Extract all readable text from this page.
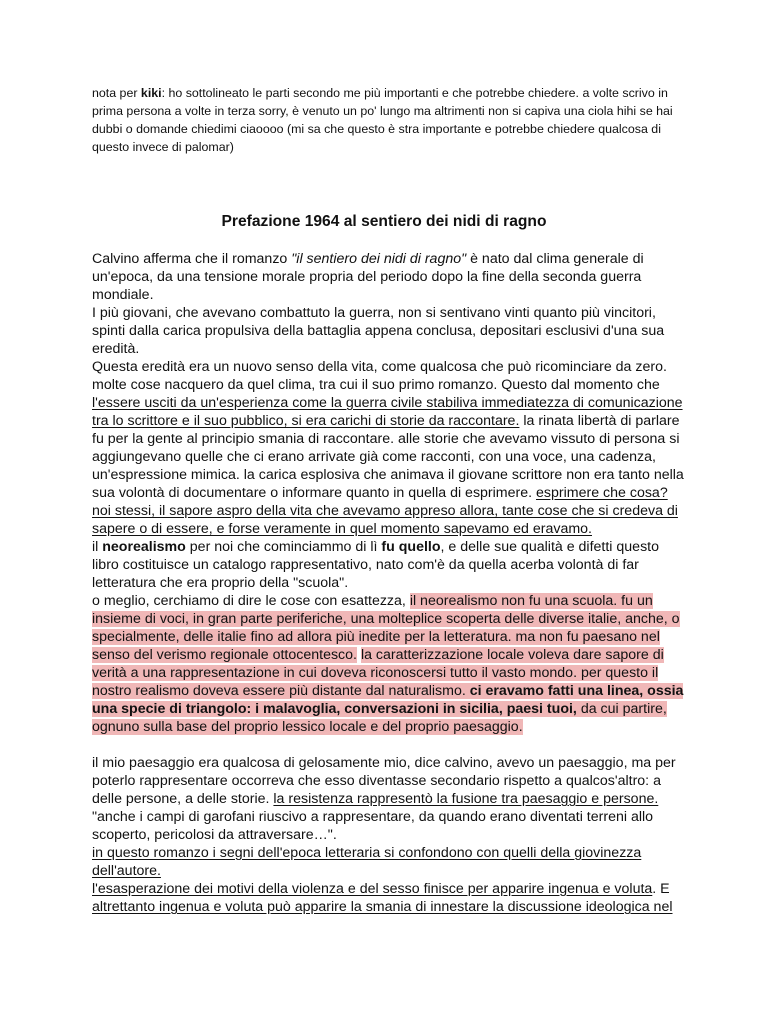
nota per kiki: ho sottolineato le parti secondo me più importanti e che potrebbe chiedere. a volte scrivo in prima persona a volte in terza sorry, è venuto un po' lungo ma altrimenti non si capiva una ciola hihi se hai dubbi o domande chiedimi ciaoooo (mi sa che questo è stra importante e potrebbe chiedere qualcosa di questo invece di palomar)

Prefazione 1964 al sentiero dei nidi di ragno

Calvino afferma che il romanzo "il sentiero dei nidi di ragno" è nato dal clima generale di un'epoca, da una tensione morale propria del periodo dopo la fine della seconda guerra mondiale.

I più giovani, che avevano combattuto la guerra, non si sentivano vinti quanto più vincitori, spinti dalla carica propulsiva della battaglia appena conclusa, depositari esclusivi d'una sua eredità.

Questa eredità era un nuovo senso della vita, come qualcosa che può ricominciare da zero. molte cose nacquero da quel clima, tra cui il suo primo romanzo. Questo dal momento che l'essere usciti da un'esperienza come la guerra civile stabiliva immediatezza di comunicazione tra lo scrittore e il suo pubblico, si era carichi di storie da raccontare. la rinata libertà di parlare fu per la gente al principio smania di raccontare. alle storie che avevamo vissuto di persona si aggiungevano quelle che ci erano arrivate già come racconti, con una voce, una cadenza, un'espressione mimica. la carica esplosiva che animava il giovane scrittore non era tanto nella sua volontà di documentare o informare quanto in quella di esprimere. esprimere che cosa? noi stessi, il sapore aspro della vita che avevamo appreso allora, tante cose che si credeva di sapere o di essere, e forse veramente in quel momento sapevamo ed eravamo.

il neorealismo per noi che cominciammo di lì fu quello, e delle sue qualità e difetti questo libro costituisce un catalogo rappresentativo, nato com'è da quella acerba volontà di far letteratura che era proprio della "scuola".

o meglio, cerchiamo di dire le cose con esattezza, il neorealismo non fu una scuola. fu un insieme di voci, in gran parte periferiche, una molteplice scoperta delle diverse italie, anche, o specialmente, delle italie fino ad allora più inedite per la letteratura. ma non fu paesano nel senso del verismo regionale ottocentesco. la caratterizzazione locale voleva dare sapore di verità a una rappresentazione in cui doveva riconoscersi tutto il vasto mondo. per questo il nostro realismo doveva essere più distante dal naturalismo. ci eravamo fatti una linea, ossia una specie di triangolo: i malavoglia, conversazioni in sicilia, paesi tuoi, da cui partire, ognuno sulla base del proprio lessico locale e del proprio paesaggio.

il mio paesaggio era qualcosa di gelosamente mio, dice calvino, avevo un paesaggio, ma per poterlo rappresentare occorreva che esso diventasse secondario rispetto a qualcos'altro: a delle persone, a delle storie. la resistenza rappresentò la fusione tra paesaggio e persone. "anche i campi di garofani riuscivo a rappresentare, da quando erano diventati terreni allo scoperto, pericolosi da attraversare…".

in questo romanzo i segni dell'epoca letteraria si confondono con quelli della giovinezza dell'autore.

l'esasperazione dei motivi della violenza e del sesso finisce per apparire ingenua e voluta. E altrettanto ingenua e voluta può apparire la smania di innestare la discussione ideologica nel
